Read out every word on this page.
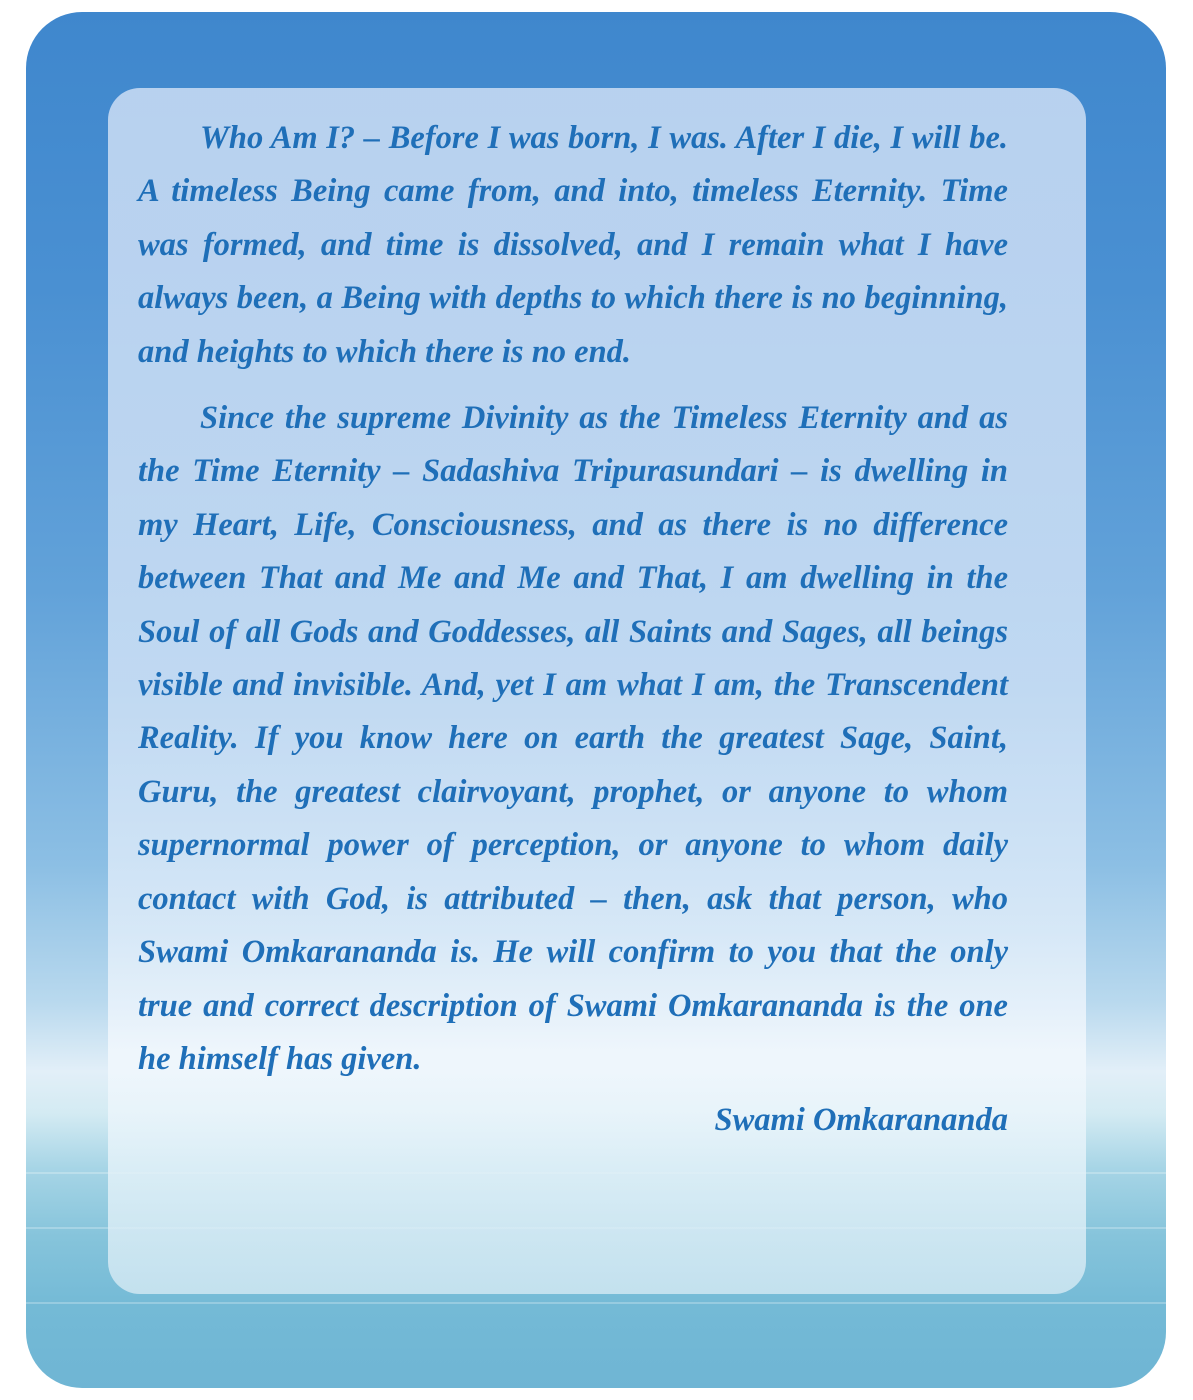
Who Am I? – Before I was born, I was. After I die, I will be. A timeless Being came from, and into, timeless Eternity. Time was formed, and time is dissolved, and I remain what I have always been, a Being with depths to which there is no beginning, and heights to which there is no end.

Since the supreme Divinity as the Timeless Eternity and as the Time Eternity – Sadashiva Tripurasundari – is dwelling in my Heart, Life, Consciousness, and as there is no difference between That and Me and Me and That, I am dwelling in the Soul of all Gods and Goddesses, all Saints and Sages, all beings visible and invisible. And, yet I am what I am, the Transcendent Reality. If you know here on earth the greatest Sage, Saint, Guru, the greatest clairvoyant, prophet, or anyone to whom supernormal power of perception, or anyone to whom daily contact with God, is attributed – then, ask that person, who Swami Omkarananda is. He will confirm to you that the only true and correct description of Swami Omkarananda is the one he himself has given.

Swami Omkarananda
